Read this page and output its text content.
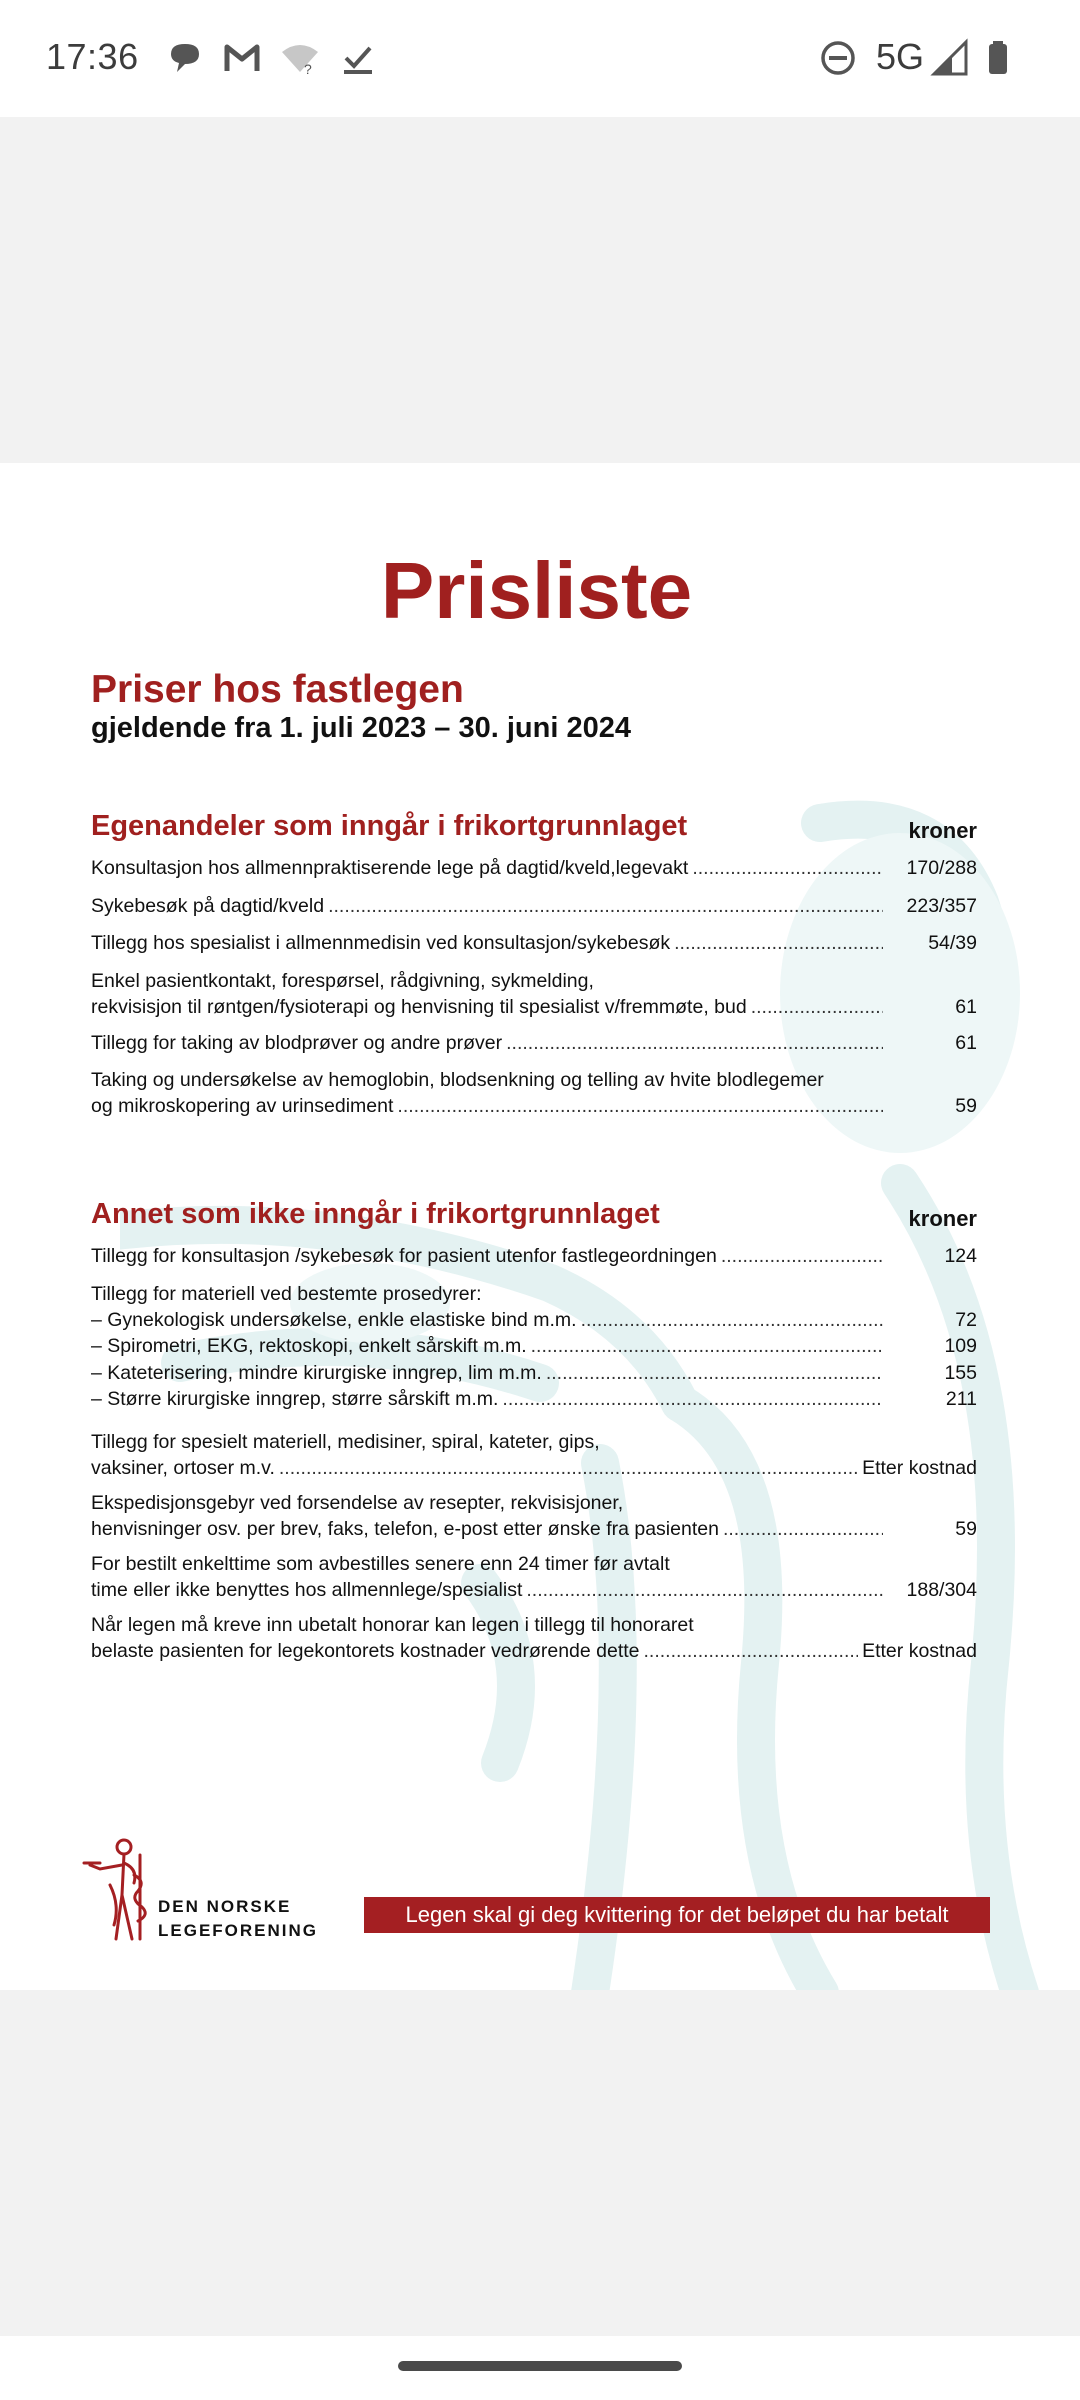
17:36	?	5G
Prisliste
Priser hos fastlegen
gjeldende fra 1. juli 2023 – 30. juni 2024
Egenandeler som inngår i frikortgrunnlaget	kroner
Konsultasjon hos allmennpraktiserende lege på dagtid/kveld,legevakt .....	170/288
Sykebesøk på dagtid/kveld .....	223/357
Tillegg hos spesialist i allmennmedisin ved konsultasjon/sykebesøk .....	54/39
Enkel pasientkontakt, forespørsel, rådgivning, sykmelding,
rekvisisjon til røntgen/fysioterapi og henvisning til spesialist v/fremmøte, bud .....	61
Tillegg for taking av blodprøver og andre prøver .....	61
Taking og undersøkelse av hemoglobin, blodsenkning og telling av hvite blodlegemer
og mikroskopering av urinsediment .....	59
Annet som ikke inngår i frikortgrunnlaget	kroner
Tillegg for konsultasjon /sykebesøk for pasient utenfor fastlegeordningen .....	124
Tillegg for materiell ved bestemte prosedyrer:
– Gynekologisk undersøkelse, enkle elastiske bind m.m. .....	72
– Spirometri, EKG, rektoskopi, enkelt sårskift m.m. .....	109
– Kateterisering, mindre kirurgiske inngrep, lim m.m. .....	155
– Større kirurgiske inngrep, større sårskift m.m. .....	211
Tillegg for spesielt materiell, medisiner, spiral, kateter, gips,
vaksiner, ortoser m.v. .....	Etter kostnad
Ekspedisjonsgebyr ved forsendelse av resepter, rekvisisjoner,
henvisninger osv. per brev, faks, telefon, e-post etter ønske fra pasienten .....	59
For bestilt enkelttime som avbestilles senere enn 24 timer før avtalt
time eller ikke benyttes hos allmennlege/spesialist .....	188/304
Når legen må kreve inn ubetalt honorar kan legen i tillegg til honoraret
belaste pasienten for legekontorets kostnader vedrørende dette .....	Etter kostnad
DEN NORSKE
LEGEFORENING
Legen skal gi deg kvittering for det beløpet du har betalt
